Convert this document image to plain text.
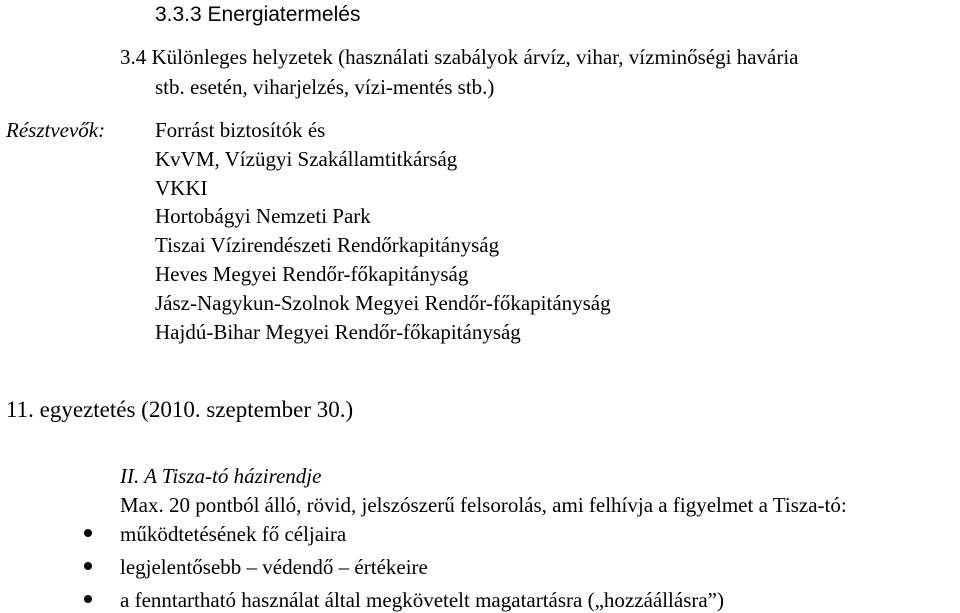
3.3.3 Energiatermelés
3.4 Különleges helyzetek (használati szabályok árvíz, vihar, vízminőségi havária
stb. esetén, viharjelzés, vízi-mentés stb.)
Résztvevők: Forrást biztosítók és
KvVM, Vízügyi Szakállamtitkárság
VKKI
Hortobágyi Nemzeti Park
Tiszai Vízirendészeti Rendőrkapitányság
Heves Megyei Rendőr-főkapitányság
Jász-Nagykun-Szolnok Megyei Rendőr-főkapitányság
Hajdú-Bihar Megyei Rendőr-főkapitányság
11. egyeztetés (2010. szeptember 30.)
II. A Tisza-tó házirendje
Max. 20 pontból álló, rövid, jelszószerű felsorolás, ami felhívja a figyelmet a Tisza-tó:
működtetésének fő céljaira
legjelentősebb – védendő – értékeire
a fenntartható használat által megkövetelt magatartásra („hozzáállásra”)
